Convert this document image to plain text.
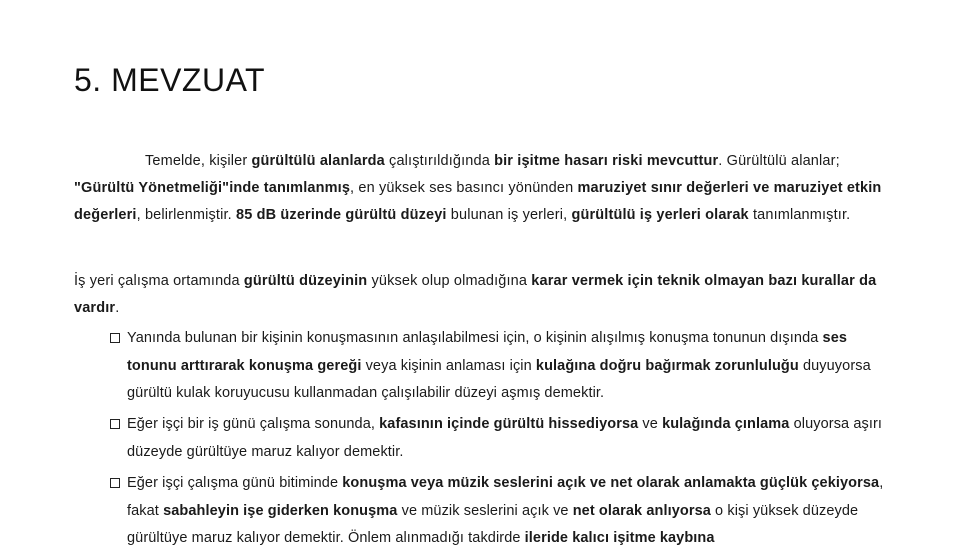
5. MEVZUAT
Temelde, kişiler gürültülü alanlarda çalıştırıldığında bir işitme hasarı riski mevcuttur. Gürültülü alanlar; "Gürültü Yönetmeliği"inde tanımlanmış, en yüksek ses basıncı yönünden maruziyet sınır değerleri ve maruziyet etkin değerleri, belirlenmiştir. 85 dB üzerinde gürültü düzeyi bulunan iş yerleri, gürültülü iş yerleri olarak tanımlanmıştır.
İş yeri çalışma ortamında gürültü düzeyinin yüksek olup olmadığına karar vermek için teknik olmayan bazı kurallar da vardır.
Yanında bulunan bir kişinin konuşmasının anlaşılabilmesi için, o kişinin alışılmış konuşma tonunun dışında ses tonunu arttırarak konuşma gereği veya kişinin anlaması için kulağına doğru bağırmak zorunluluğu duyuyorsa gürültü kulak koruyucusu kullanmadan çalışılabilir düzeyi aşmış demektir.
Eğer işçi bir iş günü çalışma sonunda, kafasının içinde gürültü hissediyorsa ve kulağında çınlama oluyorsa aşırı düzeyde gürültüye maruz kalıyor demektir.
Eğer işçi çalışma günü bitiminde konuşma veya müzik seslerini açık ve net olarak anlamakta güçlük çekiyorsa, fakat sabahleyin işe giderken konuşma ve müzik seslerini açık ve net olarak anlıyorsa o kişi yüksek düzeyde gürültüye maruz kalıyor demektir. Önlem alınmadığı takdirde ileride kalıcı işitme kaybına
